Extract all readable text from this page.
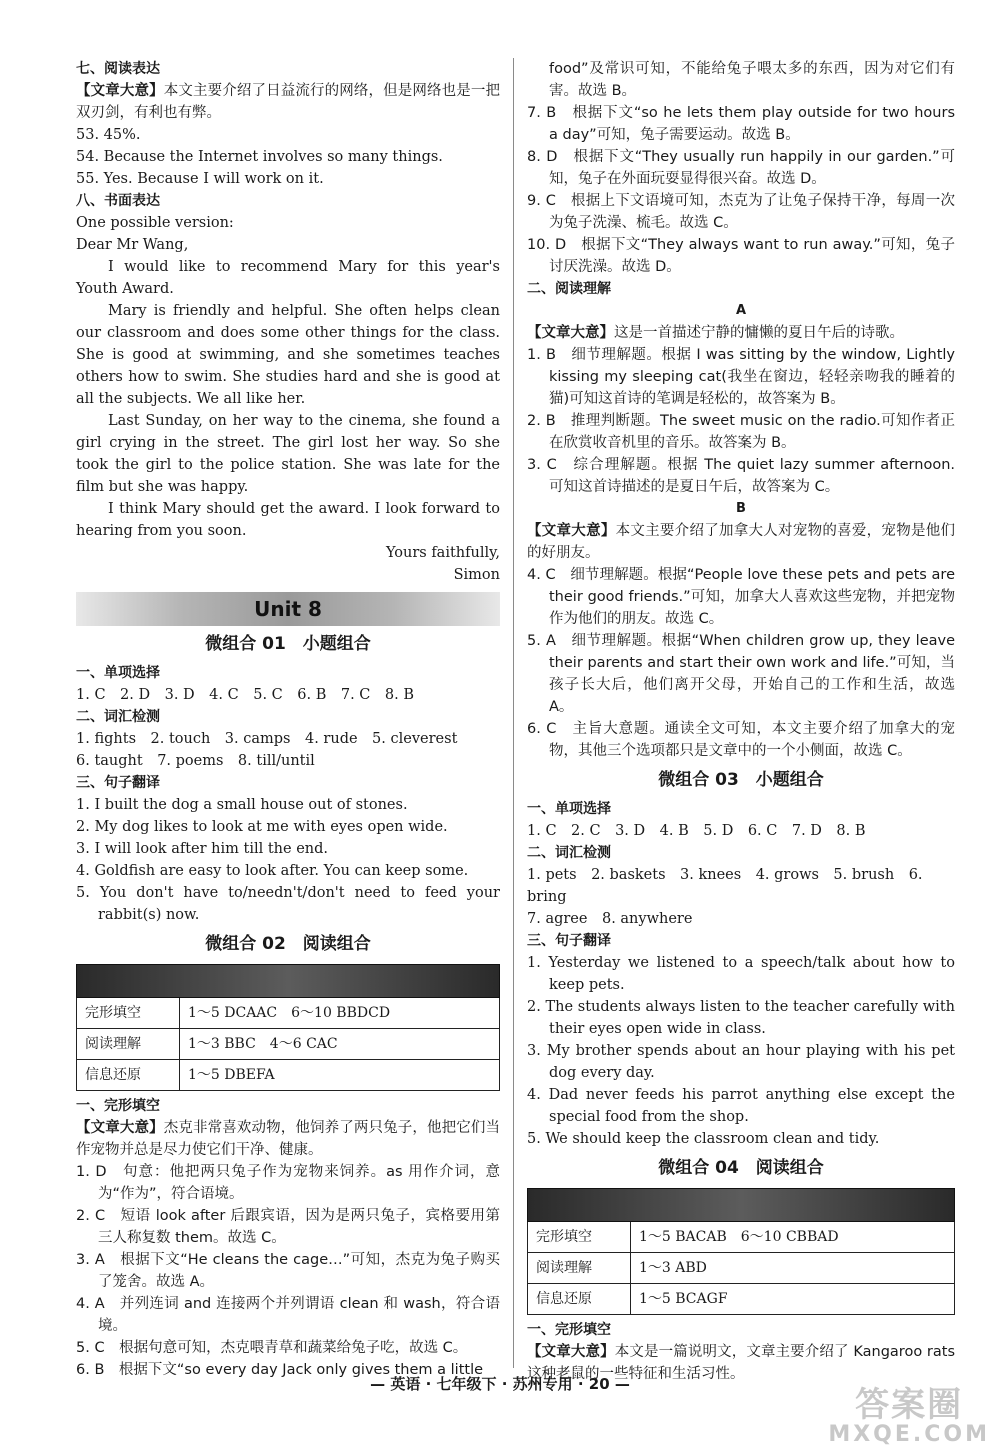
七、阅读表达

【文章大意】本文主要介绍了日益流行的网络，但是网络也是一把双刃剑，有利也有弊。

53. 45%.

54. Because the Internet involves so many things.

55. Yes. Because I will work on it.

八、书面表达

One possible version:

Dear Mr Wang,

I would like to recommend Mary for this year's Youth Award.

Mary is friendly and helpful. She often helps clean our classroom and does some other things for the class. She is good at swimming, and she sometimes teaches others how to swim. She studies hard and she is good at all the subjects. We all like her.

Last Sunday, on her way to the cinema, she found a girl crying in the street. The girl lost her way. So she took the girl to the police station. She was late for the film but she was happy.

I think Mary should get the award. I look forward to hearing from you soon.

Yours faithfully,

Simon

Unit 8

微组合 01　小题组合

一、单项选择

1. C　2. D　3. D　4. C　5. C　6. B　7. C　8. B

二、词汇检测

1. fights　2. touch　3. camps　4. rude　5. cleverest

6. taught　7. poems　8. till/until

三、句子翻译

1. I built the dog a small house out of stones.

2. My dog likes to look at me with eyes open wide.

3. I will look after him till the end.

4. Goldfish are easy to look after. You can keep some.

5. You don't have to/needn't/don't need to feed your rabbit(s) now.

微组合 02　阅读组合

完形填空	1～5 DCAAC　6～10 BBDCD
阅读理解	1～3 BBC　4～6 CAC
信息还原	1～5 DBEFA

一、完形填空

【文章大意】杰克非常喜欢动物，他饲养了两只兔子，他把它们当作宠物并总是尽力使它们干净、健康。

1. D　句意：他把两只兔子作为宠物来饲养。as 用作介词，意为“作为”，符合语境。

2. C　短语 look after 后跟宾语，因为是两只兔子，宾格要用第三人称复数 them。故选 C。

3. A　根据下文“He cleans the cage…”可知，杰克为兔子购买了笼舍。故选 A。

4. A　并列连词 and 连接两个并列谓语 clean 和 wash，符合语境。

5. C　根据句意可知，杰克喂青草和蔬菜给兔子吃，故选 C。

6. B　根据下文“so every day Jack only gives them a little

food”及常识可知，不能给兔子喂太多的东西，因为对它们有害。故选 B。

7. B　根据下文“so he lets them play outside for two hours a day”可知，兔子需要运动。故选 B。

8. D　根据下文“They usually run happily in our garden.”可知，兔子在外面玩耍显得很兴奋。故选 D。

9. C　根据上下文语境可知，杰克为了让兔子保持干净，每周一次为兔子洗澡、梳毛。故选 C。

10. D　根据下文“They always want to run away.”可知，兔子讨厌洗澡。故选 D。

二、阅读理解

A

【文章大意】这是一首描述宁静的慵懒的夏日午后的诗歌。

1. B　细节理解题。根据 I was sitting by the window, Lightly kissing my sleeping cat(我坐在窗边，轻轻亲吻我的睡着的猫)可知这首诗的笔调是轻松的，故答案为 B。

2. B　推理判断题。The sweet music on the radio.可知作者正在欣赏收音机里的音乐。故答案为 B。

3. C　综合理解题。根据 The quiet lazy summer afternoon. 可知这首诗描述的是夏日午后，故答案为 C。

B

【文章大意】本文主要介绍了加拿大人对宠物的喜爱，宠物是他们的好朋友。

4. C　细节理解题。根据“People love these pets and pets are their good friends.”可知，加拿大人喜欢这些宠物，并把宠物作为他们的朋友。故选 C。

5. A　细节理解题。根据“When children grow up, they leave their parents and start their own work and life.”可知，当孩子长大后，他们离开父母，开始自己的工作和生活，故选 A。

6. C　主旨大意题。通读全文可知，本文主要介绍了加拿大的宠物，其他三个选项都只是文章中的一个小侧面，故选 C。

微组合 03　小题组合

一、单项选择

1. C　2. C　3. D　4. B　5. D　6. C　7. D　8. B

二、词汇检测

1. pets　2. baskets　3. knees　4. grows　5. brush　6. bring

7. agree　8. anywhere

三、句子翻译

1. Yesterday we listened to a speech/talk about how to keep pets.

2. The students always listen to the teacher carefully with their eyes open wide in class.

3. My brother spends about an hour playing with his pet dog every day.

4. Dad never feeds his parrot anything else except the special food from the shop.

5. We should keep the classroom clean and tidy.

微组合 04　阅读组合

完形填空	1～5 BACAB　6～10 CBBAD
阅读理解	1～3 ABD
信息还原	1～5 BCAGF

一、完形填空

【文章大意】本文是一篇说明文，文章主要介绍了 Kangaroo rats 这种老鼠的一些特征和生活习性。

— 英语 · 七年级下 · 苏州专用 · 20 —
答案圈
MXQE.COM
